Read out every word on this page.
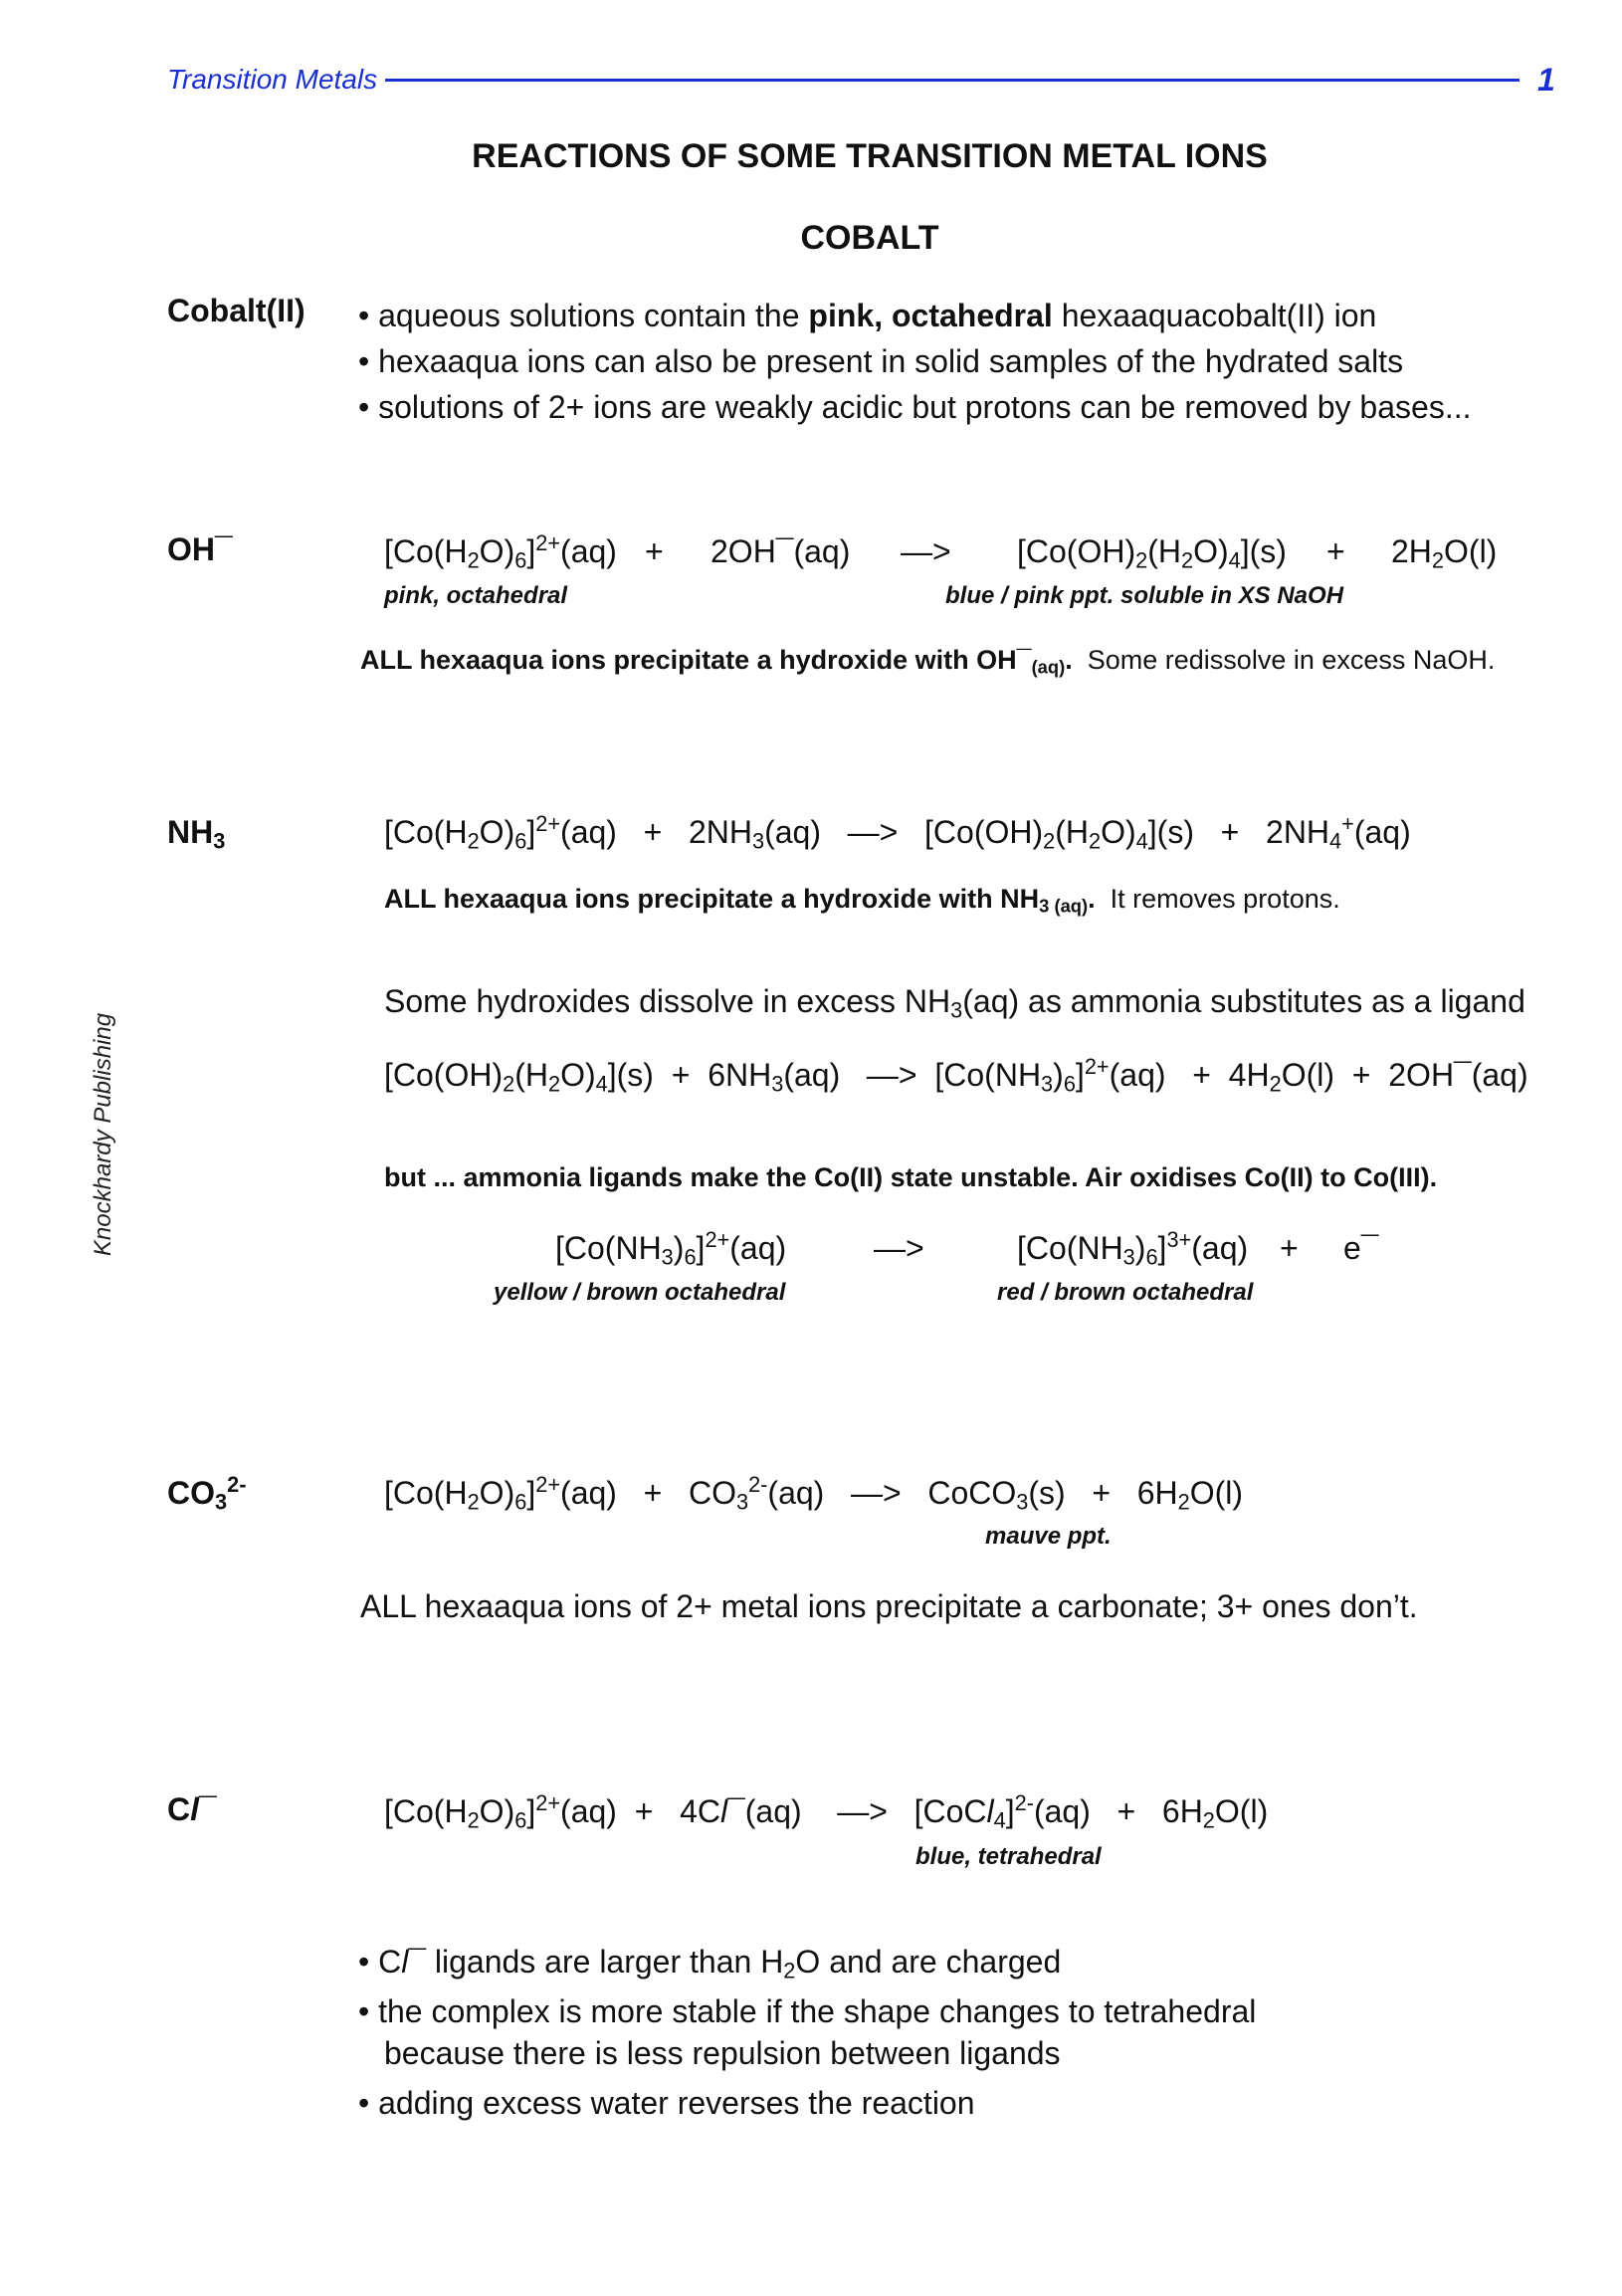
Transition Metals	1
Knockhardy Publishing
REACTIONS OF SOME TRANSITION METAL IONS
COBALT
Cobalt(II) • aqueous solutions contain the pink, octahedral hexaaquacobalt(II) ion
• hexaaqua ions can also be present in solid samples of the hydrated salts
• solutions of 2+ ions are weakly acidic but protons can be removed by bases...
OH¯	$[Co(H_2O)_6]^{2+}(aq)$ + 2OH¯(aq) —> $[Co(OH)_2(H_2O)_4](s) + 2H_2O(l)$
pink, octahedral	blue / pink ppt. soluble in XS NaOH
ALL hexaaqua ions precipitate a hydroxide with $OH¯_{(aq)}$. Some redissolve in excess NaOH.
$NH_3$	$[Co(H_2O)_6]^{2+}(aq) + 2NH_3(aq)$   —>   $[Co(OH)_2(H_2O)_4](s) + 2NH_4^+(aq)$
ALL hexaaqua ions precipitate a hydroxide with $NH_{3 (aq)}$. It removes protons.
Some hydroxides dissolve in excess $NH_3(aq)$ as ammonia substitutes as a ligand
$[Co(OH)_2(H_2O)_4](s) + 6NH_3(aq)$   —>  $[Co(NH_3)_6]^{2+}(aq) + 4H_2O(l)$  +  2OH¯(aq)
but ... ammonia ligands make the Co(II) state unstable. Air oxidises Co(II) to Co(III).
$[Co(NH_3)_6]^{2+}(aq)$	—>	$[Co(NH_3)_6]^{3+}(aq)$ + e¯
yellow / brown octahedral	red / brown octahedral
$CO_3^{2-}$	$[Co(H_2O)_6]^{2+}(aq) + CO_3^{2-}(aq)$   —>   CoCO$_3$(s)   +   $6H_2O(l)$
mauve ppt.
ALL hexaaqua ions of 2+ metal ions precipitate a carbonate; 3+ ones don’t.
Cl¯	$[Co(H_2O)_6]^{2+}(aq)$  +   4Cl¯(aq)    —>   [CoCl$_4$]$^{2-}$(aq)   +   $6H_2O(l)$
blue, tetrahedral
• Cl¯ ligands are larger than $H_2O$ and are charged
• the complex is more stable if the shape changes to tetrahedral
because there is less repulsion between ligands
• adding excess water reverses the reaction
